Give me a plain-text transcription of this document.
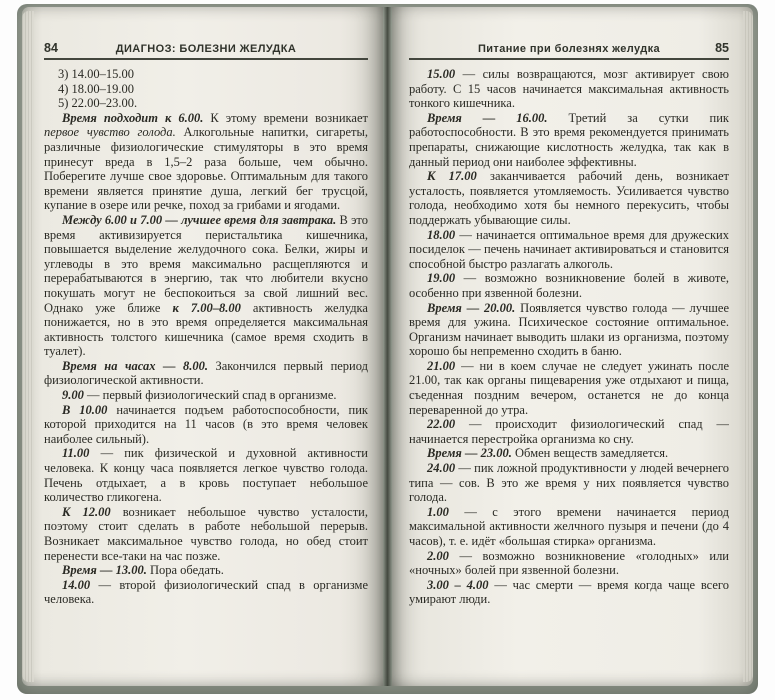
84	ДИАГНОЗ: БОЛЕЗНИ ЖЕЛУДКА

3) 14.00–15.00

4) 18.00–19.00

5) 22.00–23.00.

Время подходит к 6.00. К этому времени возникает первое чувство голода. Алкогольные напитки, сигареты, различные физиологические стимуляторы в это время принесут вреда в 1,5–2 раза больше, чем обычно. Поберегите лучше свое здоровье. Оптимальным для такого времени является принятие душа, легкий бег трусцой, купание в озере или речке, поход за грибами и ягодами.

Между 6.00 и 7.00 — лучшее время для завтрака. В это время активизируется перистальтика кишечника, повышается выделение желудочного сока. Белки, жиры и углеводы в это время максимально расщепляются и перерабатываются в энергию, так что любители вкусно покушать могут не беспокоиться за свой лишний вес. Однако уже ближе к 7.00–8.00 активность желудка понижается, но в это время определяется максимальная активность толстого кишечника (самое время сходить в туалет).

Время на часах — 8.00. Закончился первый период физиологической активности.

9.00 — первый физиологический спад в организме.

В 10.00 начинается подъем работоспособности, пик которой приходится на 11 часов (в это время человек наиболее сильный).

11.00 — пик физической и духовной активности человека. К концу часа появляется легкое чувство голода. Печень отдыхает, а в кровь поступает небольшое количество гликогена.

К 12.00 возникает небольшое чувство усталости, поэтому стоит сделать в работе небольшой перерыв. Возникает максимальное чувство голода, но обед стоит перенести все-таки на час позже.

Время — 13.00. Пора обедать.

14.00 — второй физиологический спад в организме человека.

Питание при болезнях желудка	85

15.00 — силы возвращаются, мозг активирует свою работу. С 15 часов начинается максимальная активность тонкого кишечника.

Время — 16.00. Третий за сутки пик работоспособности. В это время рекомендуется принимать препараты, снижающие кислотность желудка, так как в данный период они наиболее эффективны.

К 17.00 заканчивается рабочий день, возникает усталость, появляется утомляемость. Усиливается чувство голода, необходимо хотя бы немного перекусить, чтобы поддержать убывающие силы.

18.00 — начинается оптимальное время для дружеских посиделок — печень начинает активироваться и становится способной быстро разлагать алкоголь.

19.00 — возможно возникновение болей в животе, особенно при язвенной болезни.

Время — 20.00. Появляется чувство голода — лучшее время для ужина. Психическое состояние оптимальное. Организм начинает выводить шлаки из организма, поэтому хорошо бы непременно сходить в баню.

21.00 — ни в коем случае не следует ужинать после 21.00, так как органы пищеварения уже отдыхают и пища, съеденная поздним вечером, останется не до конца переваренной до утра.

22.00 — происходит физиологический спад — начинается перестройка организма ко сну.

Время — 23.00. Обмен веществ замедляется.

24.00 — пик ложной продуктивности у людей вечернего типа — сов. В это же время у них появляется чувство голода.

1.00 — с этого времени начинается период максимальной активности желчного пузыря и печени (до 4 часов), т. е. идёт «большая стирка» организма.

2.00 — возможно возникновение «голодных» или «ночных» болей при язвенной болезни.

3.00 – 4.00 — час смерти — время когда чаще всего умирают люди.
